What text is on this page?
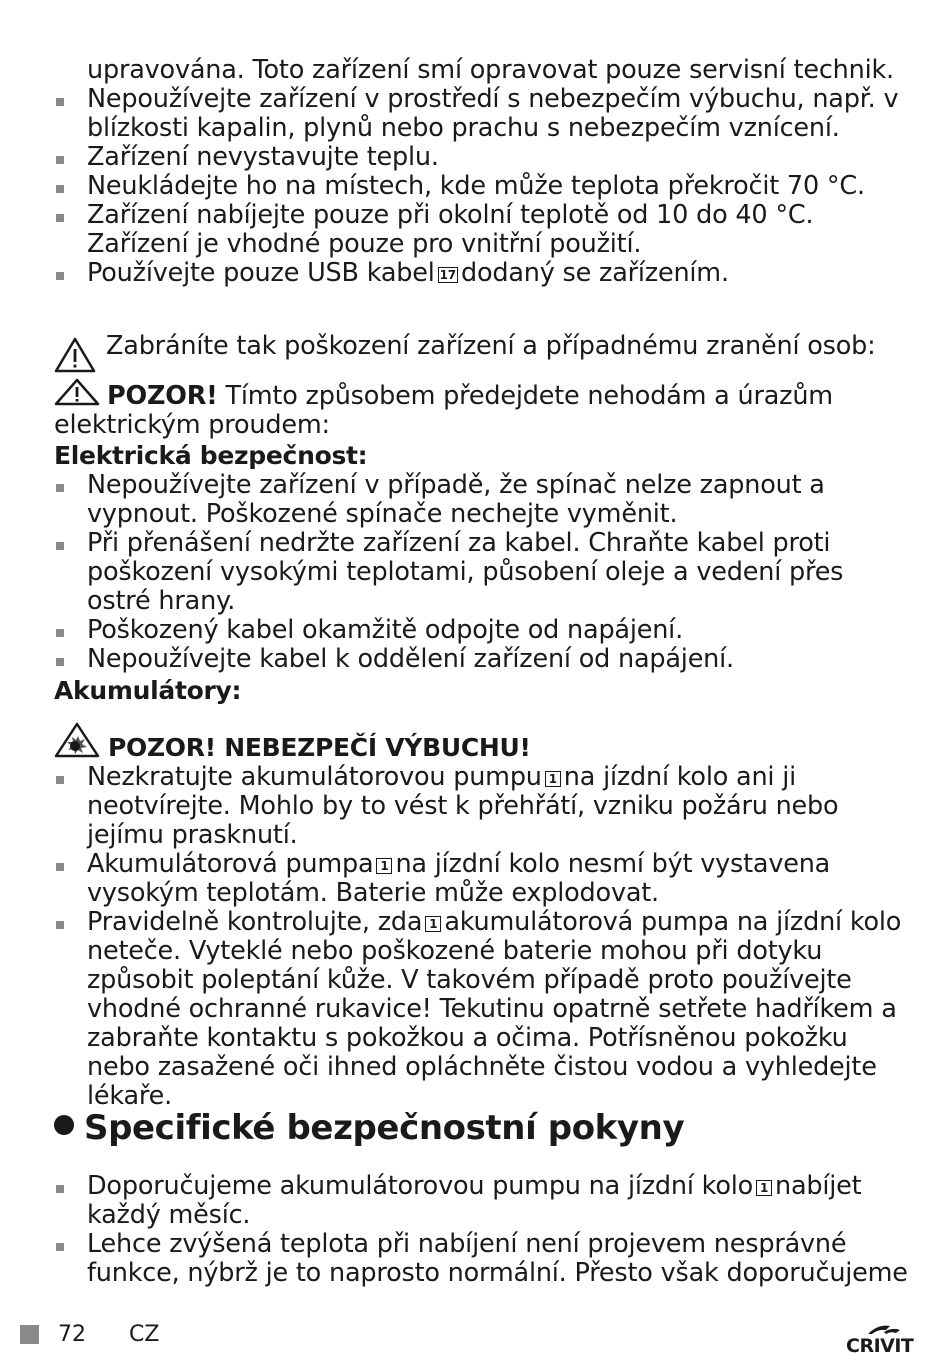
upravována. Toto zařízení smí opravovat pouze servisní technik.
Nepoužívejte zařízení v prostředí s nebezpečím výbuchu, např. v blízkosti kapalin, plynů nebo prachu s nebezpečím vznícení.
Zařízení nevystavujte teplu.
Neukládejte ho na místech, kde může teplota překročit 70 °C.
Zařízení nabíjejte pouze při okolní teplotě od 10 do 40 °C. Zařízení je vhodné pouze pro vnitřní použití.
Používejte pouze USB kabel 17 dodaný se zařízením.
Zabráníte tak poškození zařízení a případnému zranění osob:
POZOR! Tímto způsobem předejdete nehodám a úrazům elektrickým proudem:
Elektrická bezpečnost:
Nepoužívejte zařízení v případě, že spínač nelze zapnout a vypnout. Poškozené spínače nechejte vyměnit.
Při přenášení nedržte zařízení za kabel. Chraňte kabel proti poškození vysokými teplotami, působení oleje a vedení přes ostré hrany.
Poškozený kabel okamžitě odpojte od napájení.
Nepoužívejte kabel k oddělení zařízení od napájení.
Akumulátory:
POZOR! NEBEZPEČÍ VÝBUCHU!
Nezkratujte akumulátorovou pumpu 1 na jízdní kolo ani ji neotvírejte. Mohlo by to vést k přehřátí, vzniku požáru nebo jejímu prasknutí.
Akumulátorová pumpa 1 na jízdní kolo nesmí být vystavena vysokým teplotám. Baterie může explodovat.
Pravidelně kontrolujte, zda 1 akumulátorová pumpa na jízdní kolo neteče. Vyteklé nebo poškozené baterie mohou při dotyku způsobit poleptání kůže. V takovém případě proto používejte vhodné ochranné rukavice! Tekutinu opatrně setřete hadříkem a zabraňte kontaktu s pokožkou a očima. Potřísněnou pokožku nebo zasažené oči ihned opláchněte čistou vodou a vyhledejte lékaře.
Specifické bezpečnostní pokyny
Doporučujeme akumulátorovou pumpu na jízdní kolo 1 nabíjet každý měsíc.
Lehce zvýšená teplota při nabíjení není projevem nesprávné funkce, nýbrž je to naprosto normální. Přesto však doporučujeme
72 CZ	CRIVIT
